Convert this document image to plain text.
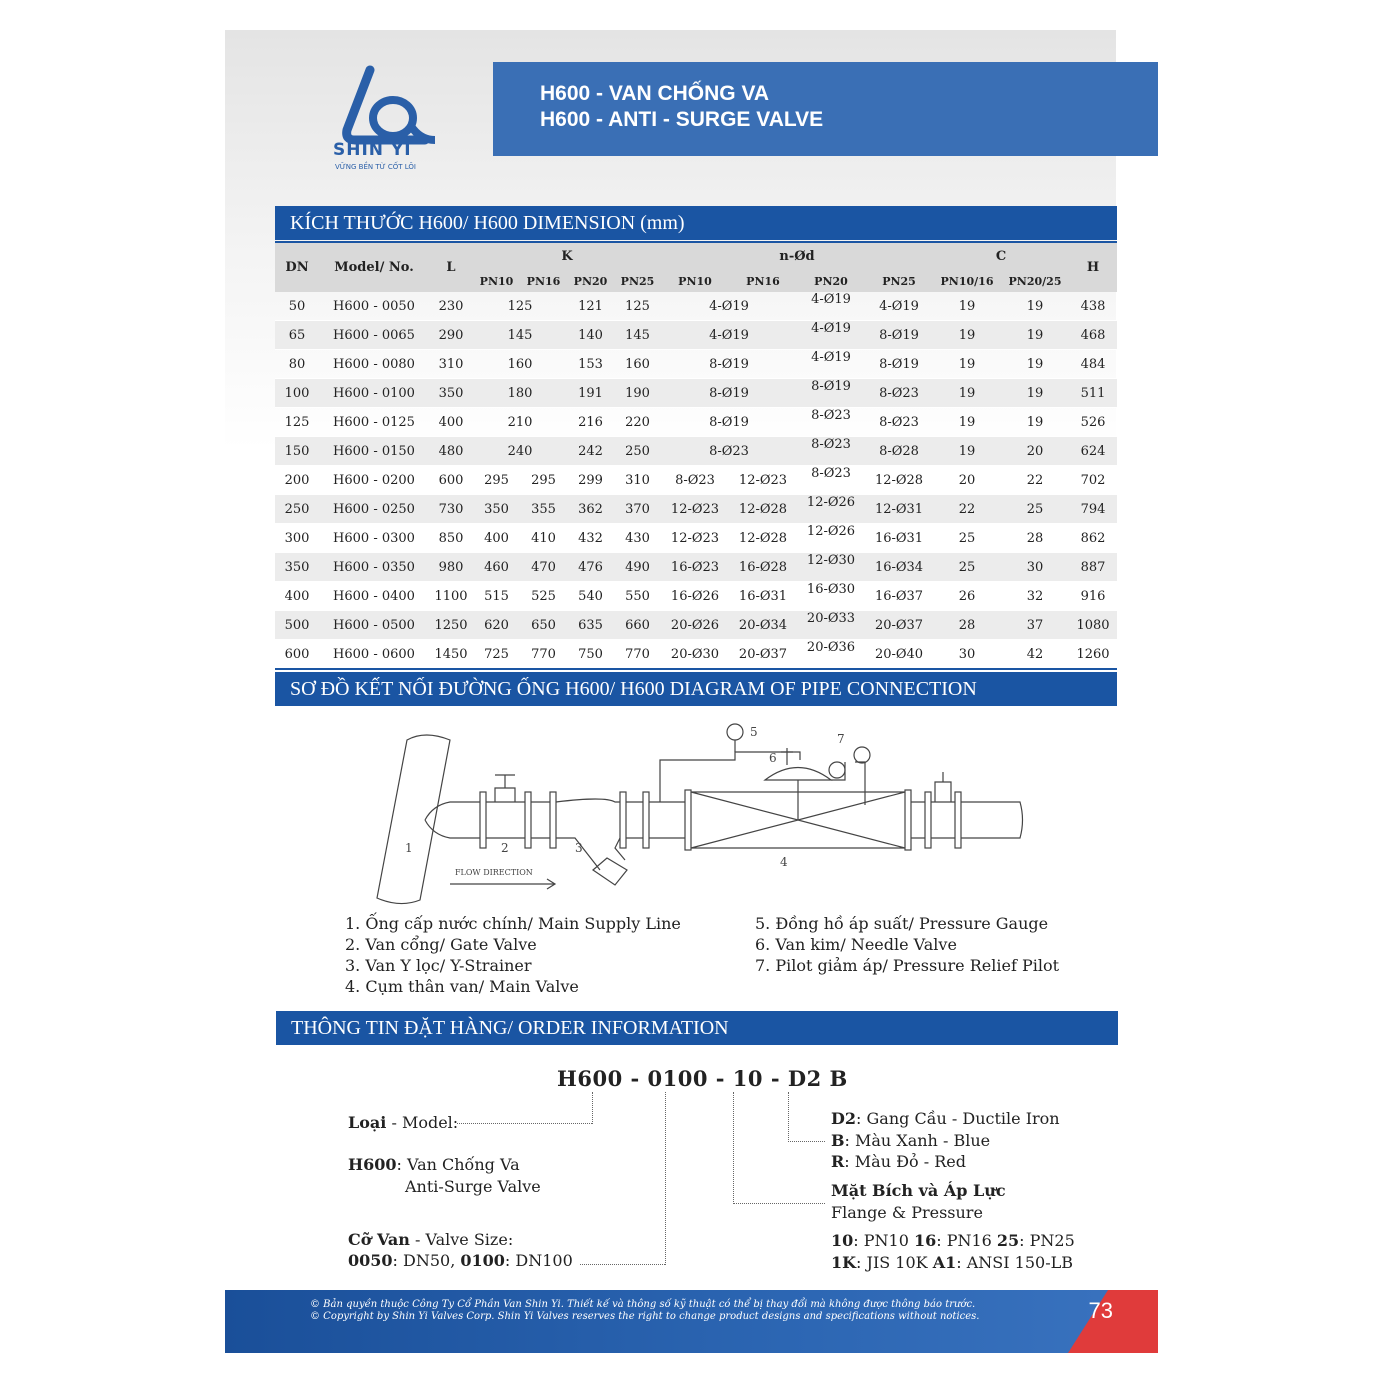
SHIN YI
VỮNG BỀN TỪ CỐT LÕI
H600 - VAN CHỐNG VA
H600 - ANTI - SURGE VALVE
KÍCH THƯỚC H600/ H600 DIMENSION (mm)
DN	Model/ No.	L	K				n-Ød				C		H
			PN10	PN16	PN20	PN25	PN10	PN16	PN20	PN25	PN10/16	PN20/25	
50	H600 - 0050	230	125		121	125	4-Ø19		4-Ø19	4-Ø19	19	19	438
65	H600 - 0065	290	145		140	145	4-Ø19		4-Ø19	8-Ø19	19	19	468
80	H600 - 0080	310	160		153	160	8-Ø19		4-Ø19	8-Ø19	19	19	484
100	H600 - 0100	350	180		191	190	8-Ø19		8-Ø19	8-Ø23	19	19	511
125	H600 - 0125	400	210		216	220	8-Ø19		8-Ø23	8-Ø23	19	19	526
150	H600 - 0150	480	240		242	250	8-Ø23		8-Ø23	8-Ø28	19	20	624
200	H600 - 0200	600	295	295	299	310	8-Ø23	12-Ø23	8-Ø23	12-Ø28	20	22	702
250	H600 - 0250	730	350	355	362	370	12-Ø23	12-Ø28	12-Ø26	12-Ø31	22	25	794
300	H600 - 0300	850	400	410	432	430	12-Ø23	12-Ø28	12-Ø26	16-Ø31	25	28	862
350	H600 - 0350	980	460	470	476	490	16-Ø23	16-Ø28	12-Ø30	16-Ø34	25	30	887
400	H600 - 0400	1100	515	525	540	550	16-Ø26	16-Ø31	16-Ø30	16-Ø37	26	32	916
500	H600 - 0500	1250	620	650	635	660	20-Ø26	20-Ø34	20-Ø33	20-Ø37	28	37	1080
600	H600 - 0600	1450	725	770	750	770	20-Ø30	20-Ø37	20-Ø36	20-Ø40	30	42	1260
SƠ ĐỒ KẾT NỐI ĐƯỜNG ỐNG H600/ H600 DIAGRAM OF PIPE CONNECTION
FLOW DIRECTION
1	2	3
4
5
6
7
1. Ống cấp nước chính/ Main Supply Line
2. Van cổng/ Gate Valve
3. Van Y lọc/ Y-Strainer
4. Cụm thân van/ Main Valve
5. Đồng hồ áp suất/ Pressure Gauge
6. Van kim/ Needle Valve
7. Pilot giảm áp/ Pressure Relief Pilot
THÔNG TIN ĐẶT HÀNG/ ORDER INFORMATION
H600 - 0100 - 10 - D2 B
Loại - Model:
H600: Van Chống Va
Anti-Surge Valve
Cỡ Van - Valve Size:
0050: DN50, 0100: DN100
D2: Gang Cầu - Ductile Iron
B: Màu Xanh - Blue
R: Màu Đỏ - Red
Mặt Bích và Áp Lực
Flange & Pressure
10: PN10 16: PN16 25: PN25
1K: JIS 10K A1: ANSI 150-LB
© Bản quyền thuộc Công Ty Cổ Phần Van Shin Yi. Thiết kế và thông số kỹ thuật có thể bị thay đổi mà không được thông báo trước.
© Copyright by Shin Yi Valves Corp. Shin Yi Valves reserves the right to change product designs and specifications without notices.	73
